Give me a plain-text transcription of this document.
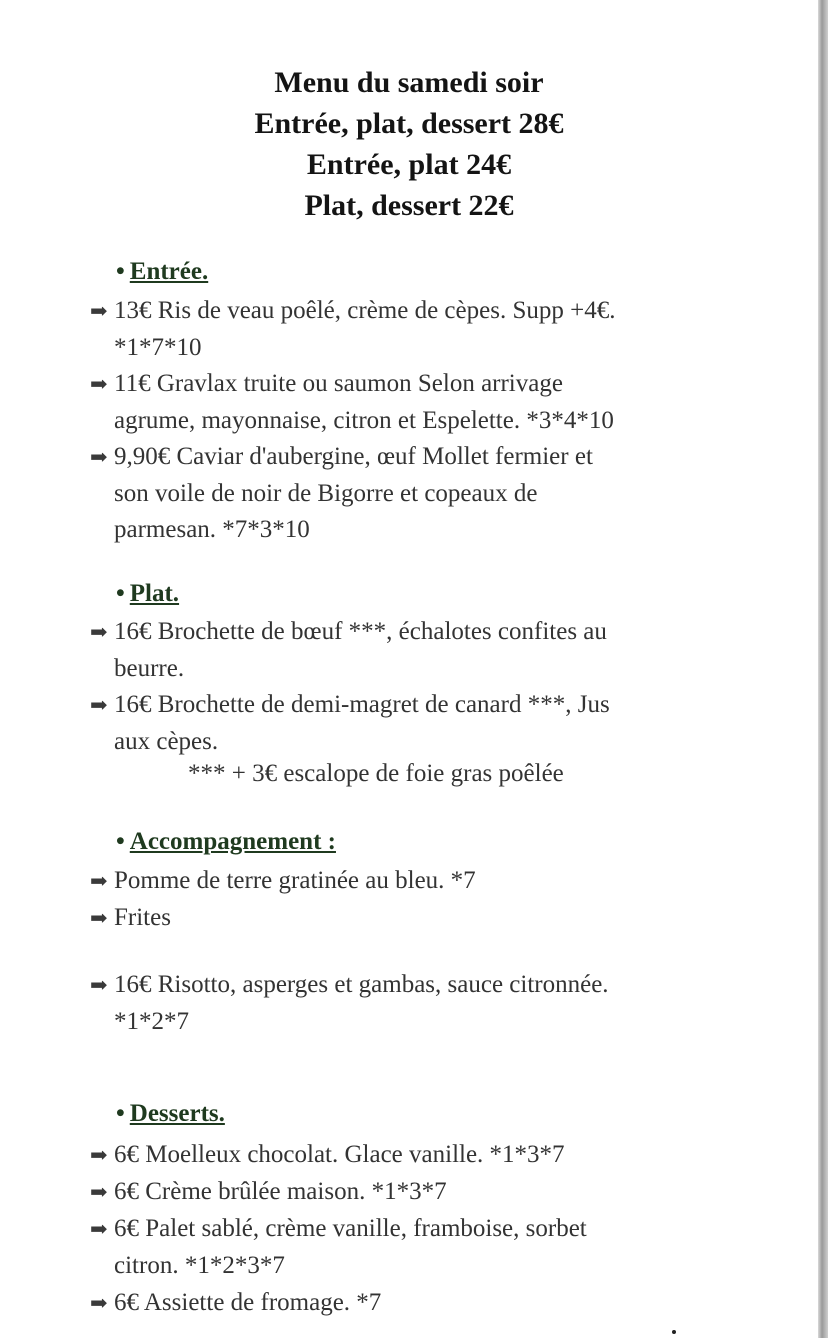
Menu du samedi soir
Entrée, plat, dessert 28€
Entrée, plat 24€
Plat, dessert 22€
• Entrée.
➡ 13€ Ris de veau poêlé, crème de cèpes. Supp +4€.
*1*7*10
➡ 11€ Gravlax truite ou saumon Selon arrivage
agrume, mayonnaise, citron et Espelette. *3*4*10
➡ 9,90€ Caviar d'aubergine, œuf Mollet fermier et
son voile de noir de Bigorre et copeaux de
parmesan. *7*3*10
• Plat.
➡ 16€ Brochette de bœuf ***, échalotes confites au
beurre.
➡ 16€ Brochette de demi-magret de canard ***, Jus
aux cèpes.
*** + 3€ escalope de foie gras poêlée
• Accompagnement :
➡ Pomme de terre gratinée au bleu. *7
➡ Frites
➡ 16€ Risotto, asperges et gambas, sauce citronnée.
*1*2*7
• Desserts.
➡ 6€ Moelleux chocolat. Glace vanille. *1*3*7
➡ 6€ Crème brûlée maison. *1*3*7
➡ 6€ Palet sablé, crème vanille, framboise, sorbet
citron. *1*2*3*7
➡ 6€ Assiette de fromage. *7
